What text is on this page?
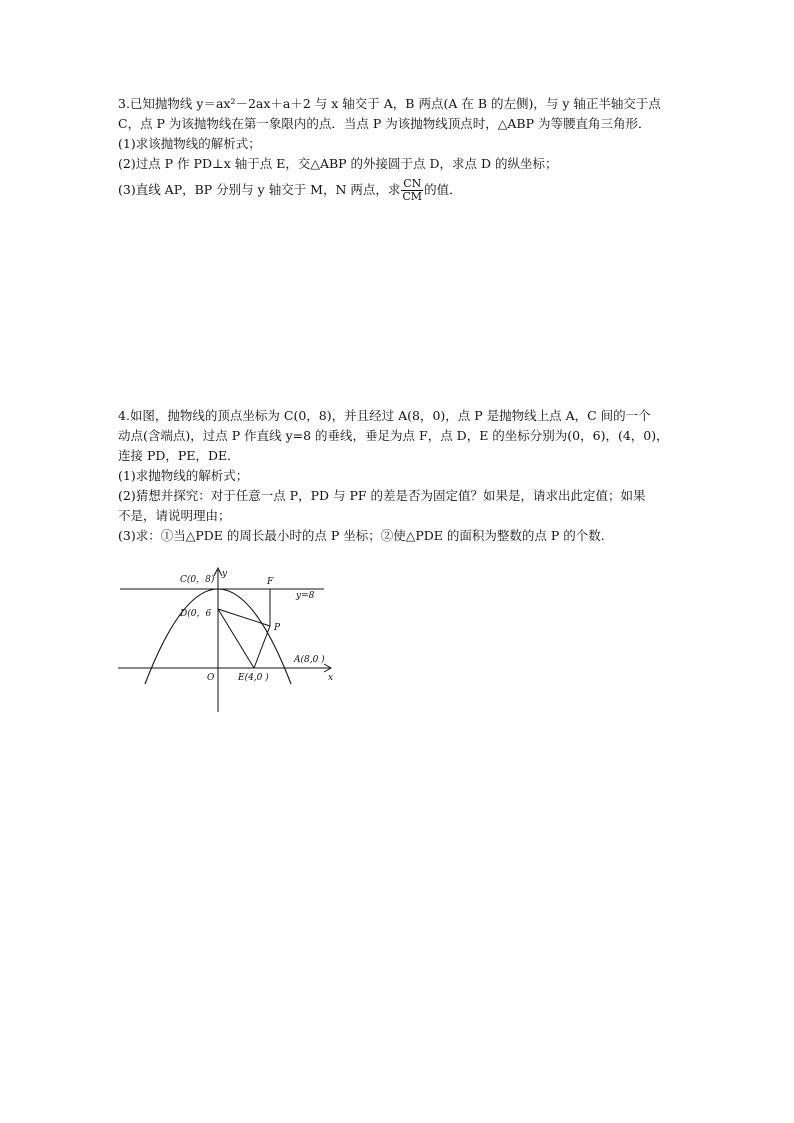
3.已知抛物线 y＝ax²－2ax＋a＋2 与 x 轴交于 A，B 两点(A 在 B 的左侧)，与 y 轴正半轴交于点

C，点 P 为该抛物线在第一象限内的点．当点 P 为该抛物线顶点时，△ABP 为等腰直角三角形．

(1)求该抛物线的解析式；

(2)过点 P 作 PD⊥x 轴于点 E，交△ABP 的外接圆于点 D，求点 D 的纵坐标；

(3)直线 AP，BP 分别与 y 轴交于 M，N 两点，求 $\frac{CN}{CM}$ 的值．

4.如图，抛物线的顶点坐标为 C(0，8)，并且经过 A(8，0)，点 P 是抛物线上点 A，C 间的一个

动点(含端点)，过点 P 作直线 y=8 的垂线，垂足为点 F，点 D，E 的坐标分别为(0，6)，(4，0)，

连接 PD，PE，DE．

(1)求抛物线的解析式；

(2)猜想并探究：对于任意一点 P，PD 与 PF 的差是否为固定值？如果是，请求出此定值；如果

不是，请说明理由；

(3)求：①当△PDE 的周长最小时的点 P 坐标；②使△PDE 的面积为整数的点 P 的个数．

y
x
C(0，8)
D(0，6
F
y=8
P
A(8,0 )
O	E(4,0 )
